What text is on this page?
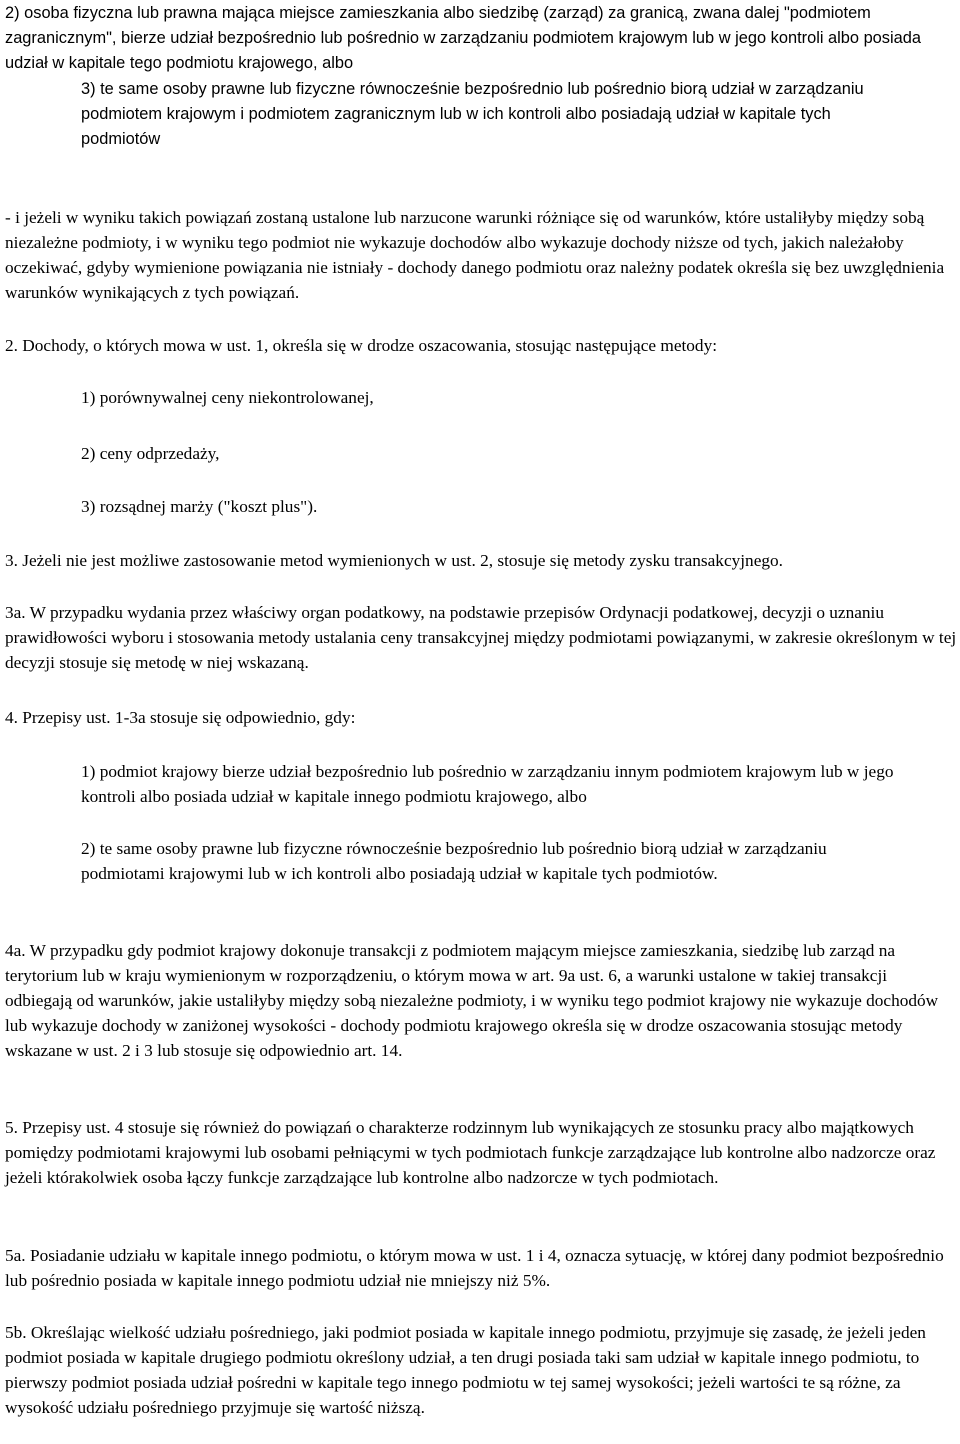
2) osoba fizyczna lub prawna mająca miejsce zamieszkania albo siedzibę (zarząd) za granicą, zwana dalej "podmiotem zagranicznym", bierze udział bezpośrednio lub pośrednio w zarządzaniu podmiotem krajowym lub w jego kontroli albo posiada udział w kapitale tego podmiotu krajowego, albo

3) te same osoby prawne lub fizyczne równocześnie bezpośrednio lub pośrednio biorą udział w zarządzaniu podmiotem krajowym i podmiotem zagranicznym lub w ich kontroli albo posiadają udział w kapitale tych podmiotów

- i jeżeli w wyniku takich powiązań zostaną ustalone lub narzucone warunki różniące się od warunków, które ustaliłyby między sobą niezależne podmioty, i w wyniku tego podmiot nie wykazuje dochodów albo wykazuje dochody niższe od tych, jakich należałoby oczekiwać, gdyby wymienione powiązania nie istniały - dochody danego podmiotu oraz należny podatek określa się bez uwzględnienia warunków wynikających z tych powiązań.

2. Dochody, o których mowa w ust. 1, określa się w drodze oszacowania, stosując następujące metody:

1) porównywalnej ceny niekontrolowanej,

2) ceny odprzedaży,

3) rozsądnej marży ("koszt plus").

3. Jeżeli nie jest możliwe zastosowanie metod wymienionych w ust. 2, stosuje się metody zysku transakcyjnego.

3a. W przypadku wydania przez właściwy organ podatkowy, na podstawie przepisów Ordynacji podatkowej, decyzji o uznaniu prawidłowości wyboru i stosowania metody ustalania ceny transakcyjnej między podmiotami powiązanymi, w zakresie określonym w tej decyzji stosuje się metodę w niej wskazaną.

4. Przepisy ust. 1-3a stosuje się odpowiednio, gdy:

1) podmiot krajowy bierze udział bezpośrednio lub pośrednio w zarządzaniu innym podmiotem krajowym lub w jego kontroli albo posiada udział w kapitale innego podmiotu krajowego, albo

2) te same osoby prawne lub fizyczne równocześnie bezpośrednio lub pośrednio biorą udział w zarządzaniu podmiotami krajowymi lub w ich kontroli albo posiadają udział w kapitale tych podmiotów.

4a. W przypadku gdy podmiot krajowy dokonuje transakcji z podmiotem mającym miejsce zamieszkania, siedzibę lub zarząd na terytorium lub w kraju wymienionym w rozporządzeniu, o którym mowa w art. 9a ust. 6, a warunki ustalone w takiej transakcji odbiegają od warunków, jakie ustaliłyby między sobą niezależne podmioty, i w wyniku tego podmiot krajowy nie wykazuje dochodów lub wykazuje dochody w zaniżonej wysokości - dochody podmiotu krajowego określa się w drodze oszacowania stosując metody wskazane w ust. 2 i 3 lub stosuje się odpowiednio art. 14.

5. Przepisy ust. 4 stosuje się również do powiązań o charakterze rodzinnym lub wynikających ze stosunku pracy albo majątkowych pomiędzy podmiotami krajowymi lub osobami pełniącymi w tych podmiotach funkcje zarządzające lub kontrolne albo nadzorcze oraz jeżeli którakolwiek osoba łączy funkcje zarządzające lub kontrolne albo nadzorcze w tych podmiotach.

5a. Posiadanie udziału w kapitale innego podmiotu, o którym mowa w ust. 1 i 4, oznacza sytuację, w której dany podmiot bezpośrednio lub pośrednio posiada w kapitale innego podmiotu udział nie mniejszy niż 5%.

5b. Określając wielkość udziału pośredniego, jaki podmiot posiada w kapitale innego podmiotu, przyjmuje się zasadę, że jeżeli jeden podmiot posiada w kapitale drugiego podmiotu określony udział, a ten drugi posiada taki sam udział w kapitale innego podmiotu, to pierwszy podmiot posiada udział pośredni w kapitale tego innego podmiotu w tej samej wysokości; jeżeli wartości te są różne, za wysokość udziału pośredniego przyjmuje się wartość niższą.
